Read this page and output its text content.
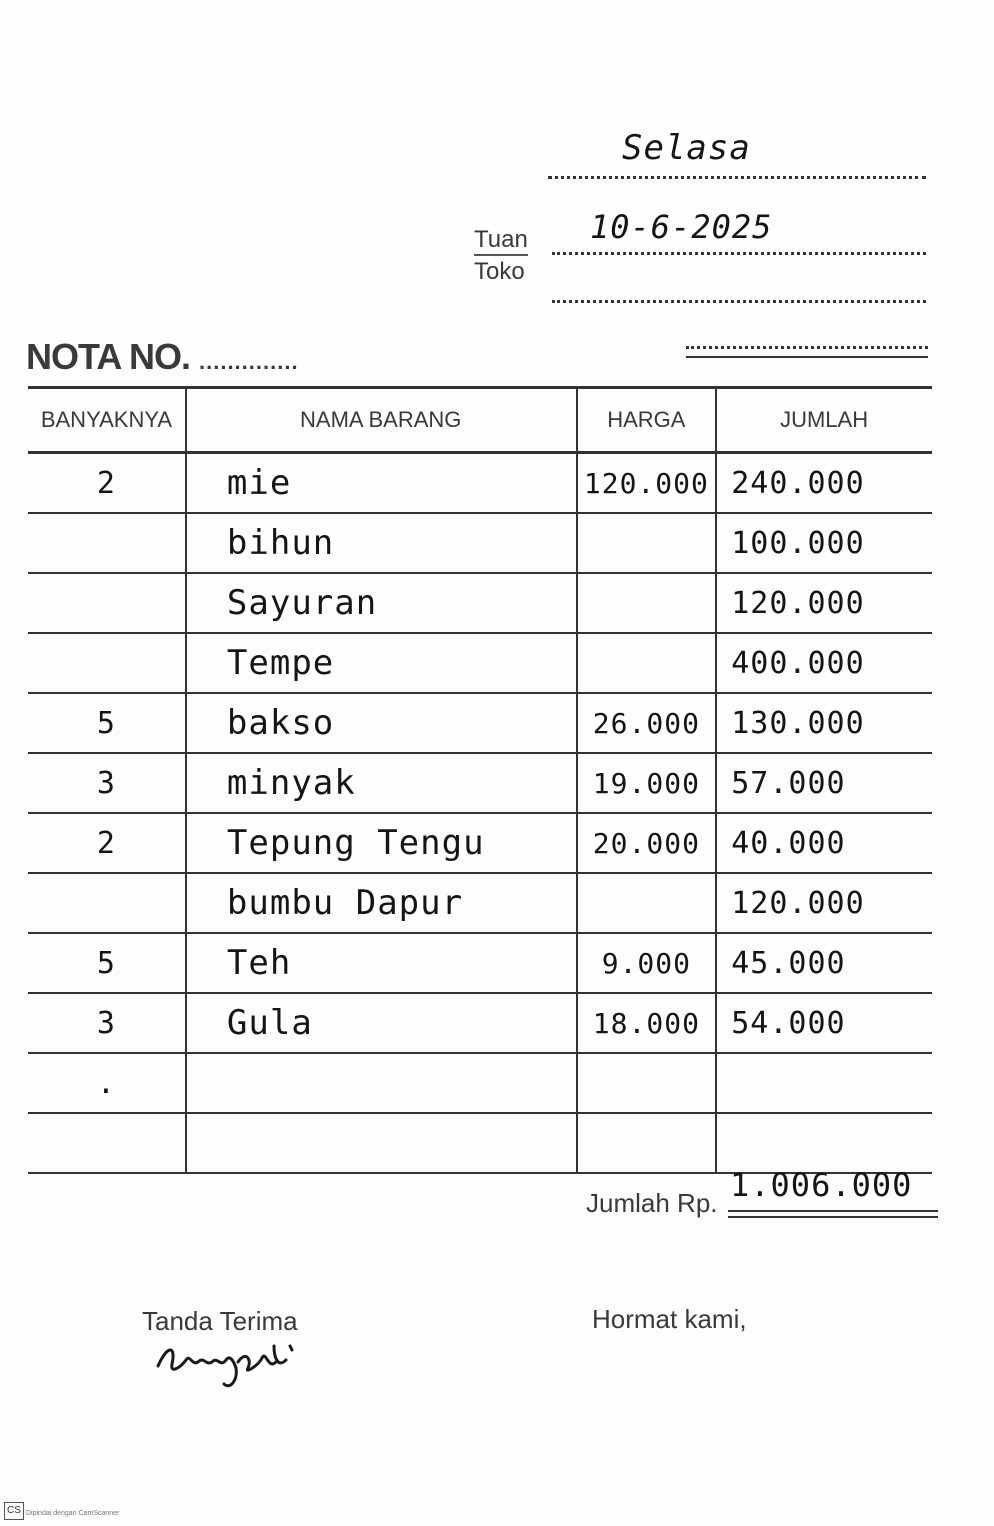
Selasa
10-6-2025
Tuan
Toko
NOTA NO. ..............
BANYAKNYA	NAMA BARANG	HARGA	JUMLAH
2	mie	120.000	240.000
	bihun		100.000
	Sayuran		120.000
	Tempe		400.000
5	bakso	26.000	130.000
3	minyak	19.000	57.000
2	Tepung Tengu	20.000	40.000
	bumbu Dapur		120.000
5	Teh	9.000	45.000
3	Gula	18.000	54.000
.			

Jumlah Rp. 1.006.000
Tanda Terima	Hormat kami,
CS Dipindai dengan CamScanner
